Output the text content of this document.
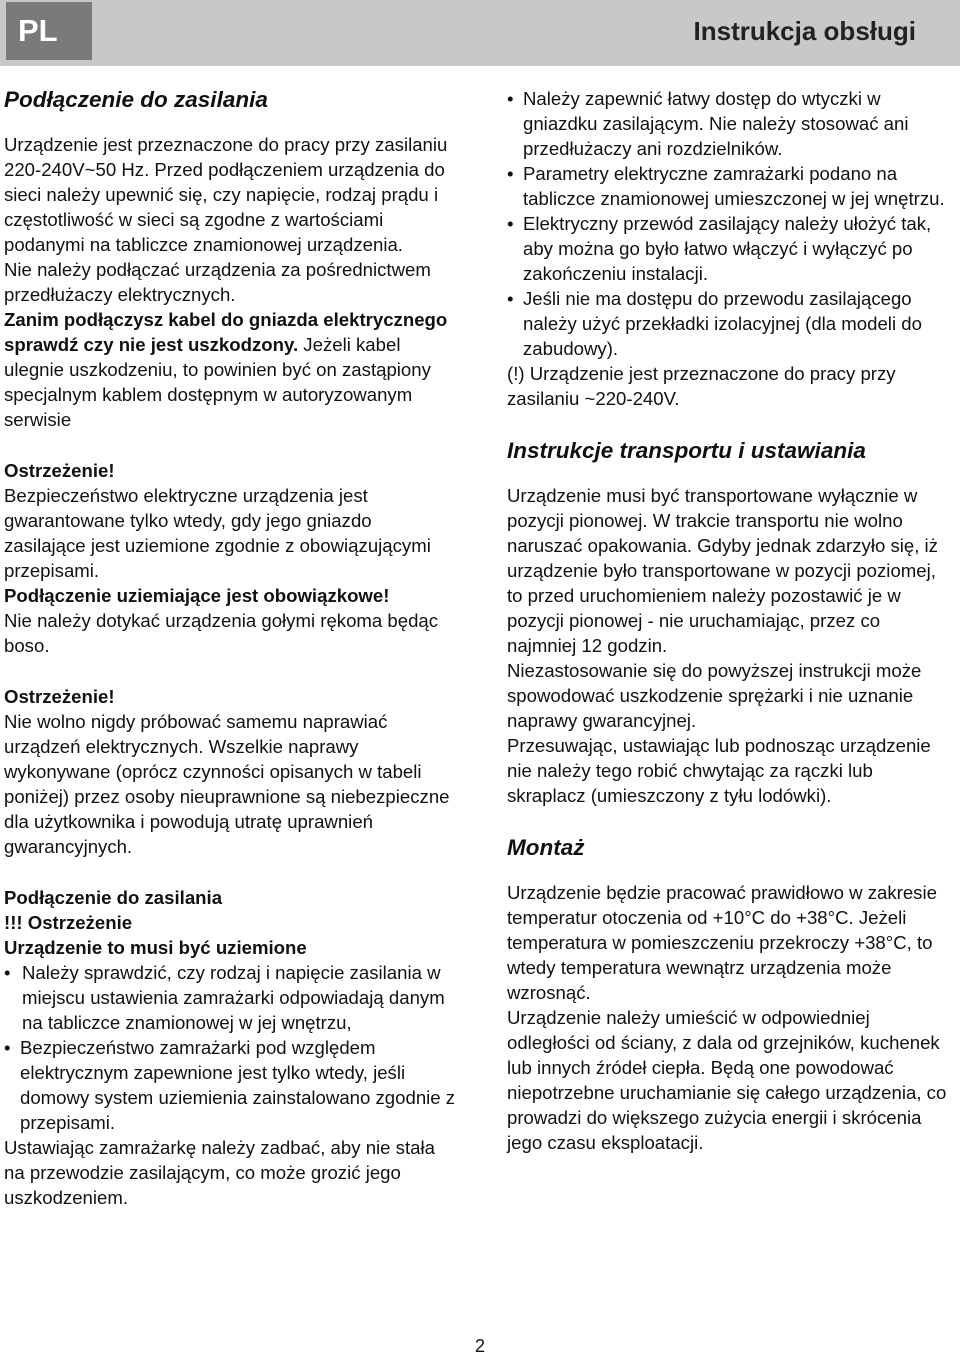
PL	Instrukcja obsługi
Podłączenie do zasilania

Urządzenie jest przeznaczone do pracy przy zasilaniu 220-240V~50 Hz. Przed podłączeniem urządzenia do sieci należy upewnić się, czy napięcie, rodzaj prądu i częstotliwość w sieci są zgodne z wartościami podanymi na tabliczce znamionowej urządzenia.

Nie należy podłączać urządzenia za pośrednictwem przedłużaczy elektrycznych.

Zanim podłączysz kabel do gniazda elektrycznego sprawdź czy nie jest uszkodzony. Jeżeli kabel ulegnie uszkodzeniu, to powinien być on zastąpiony specjalnym kablem dostępnym w autoryzowanym serwisie

Ostrzeżenie!

Bezpieczeństwo elektryczne urządzenia jest gwarantowane tylko wtedy, gdy jego gniazdo zasilające jest uziemione zgodnie z obowiązującymi przepisami.

Podłączenie uziemiające jest obowiązkowe!

Nie należy dotykać urządzenia gołymi rękoma będąc boso.

Ostrzeżenie!

Nie wolno nigdy próbować samemu naprawiać urządzeń elektrycznych. Wszelkie naprawy wykonywane (oprócz czynności opisanych w tabeli poniżej) przez osoby nieuprawnione są niebezpieczne dla użytkownika i powodują utratę uprawnień gwarancyjnych.

Podłączenie do zasilania

!!! Ostrzeżenie

Urządzenie to musi być uziemione

• Należy sprawdzić, czy rodzaj i napięcie zasilania w miejscu ustawienia zamrażarki odpowiadają danym na tabliczce znamionowej w jej wnętrzu,
• Bezpieczeństwo zamrażarki pod względem elektrycznym zapewnione jest tylko wtedy, jeśli domowy system uziemienia zainstalowano zgodnie z przepisami.

Ustawiając zamrażarkę należy zadbać, aby nie stała na przewodzie zasilającym, co może grozić jego uszkodzeniem.

• Należy zapewnić łatwy dostęp do wtyczki w gniazdku zasilającym. Nie należy stosować ani przedłużaczy ani rozdzielników.
• Parametry elektryczne zamrażarki podano na tabliczce znamionowej umieszczonej w jej wnętrzu.
• Elektryczny przewód zasilający należy ułożyć tak, aby można go było łatwo włączyć i wyłączyć po zakończeniu instalacji.
• Jeśli nie ma dostępu do przewodu zasilającego należy użyć przekładki izolacyjnej (dla modeli do zabudowy).

(!) Urządzenie jest przeznaczone do pracy przy zasilaniu ~220-240V.

Instrukcje transportu i ustawiania

Urządzenie musi być transportowane wyłącznie w pozycji pionowej. W trakcie transportu nie wolno naruszać opakowania. Gdyby jednak zdarzyło się, iż urządzenie było transportowane w pozycji poziomej, to przed uruchomieniem należy pozostawić je w pozycji pionowej - nie uruchamiając, przez co najmniej 12 godzin.

Niezastosowanie się do powyższej instrukcji może spowodować uszkodzenie sprężarki i nie uznanie naprawy gwarancyjnej.

Przesuwając, ustawiając lub podnosząc urządzenie nie należy tego robić chwytając za rączki lub skraplacz (umieszczony z tyłu lodówki).

Montaż

Urządzenie będzie pracować prawidłowo w zakresie temperatur otoczenia od +10°C do +38°C. Jeżeli temperatura w pomieszczeniu przekroczy +38°C, to wtedy temperatura wewnątrz urządzenia może wzrosnąć.

Urządzenie należy umieścić w odpowiedniej odległości od ściany, z dala od grzejników, kuchenek lub innych źródeł ciepła. Będą one powodować niepotrzebne uruchamianie się całego urządzenia, co prowadzi do większego zużycia energii i skrócenia jego czasu eksploatacji.

2
